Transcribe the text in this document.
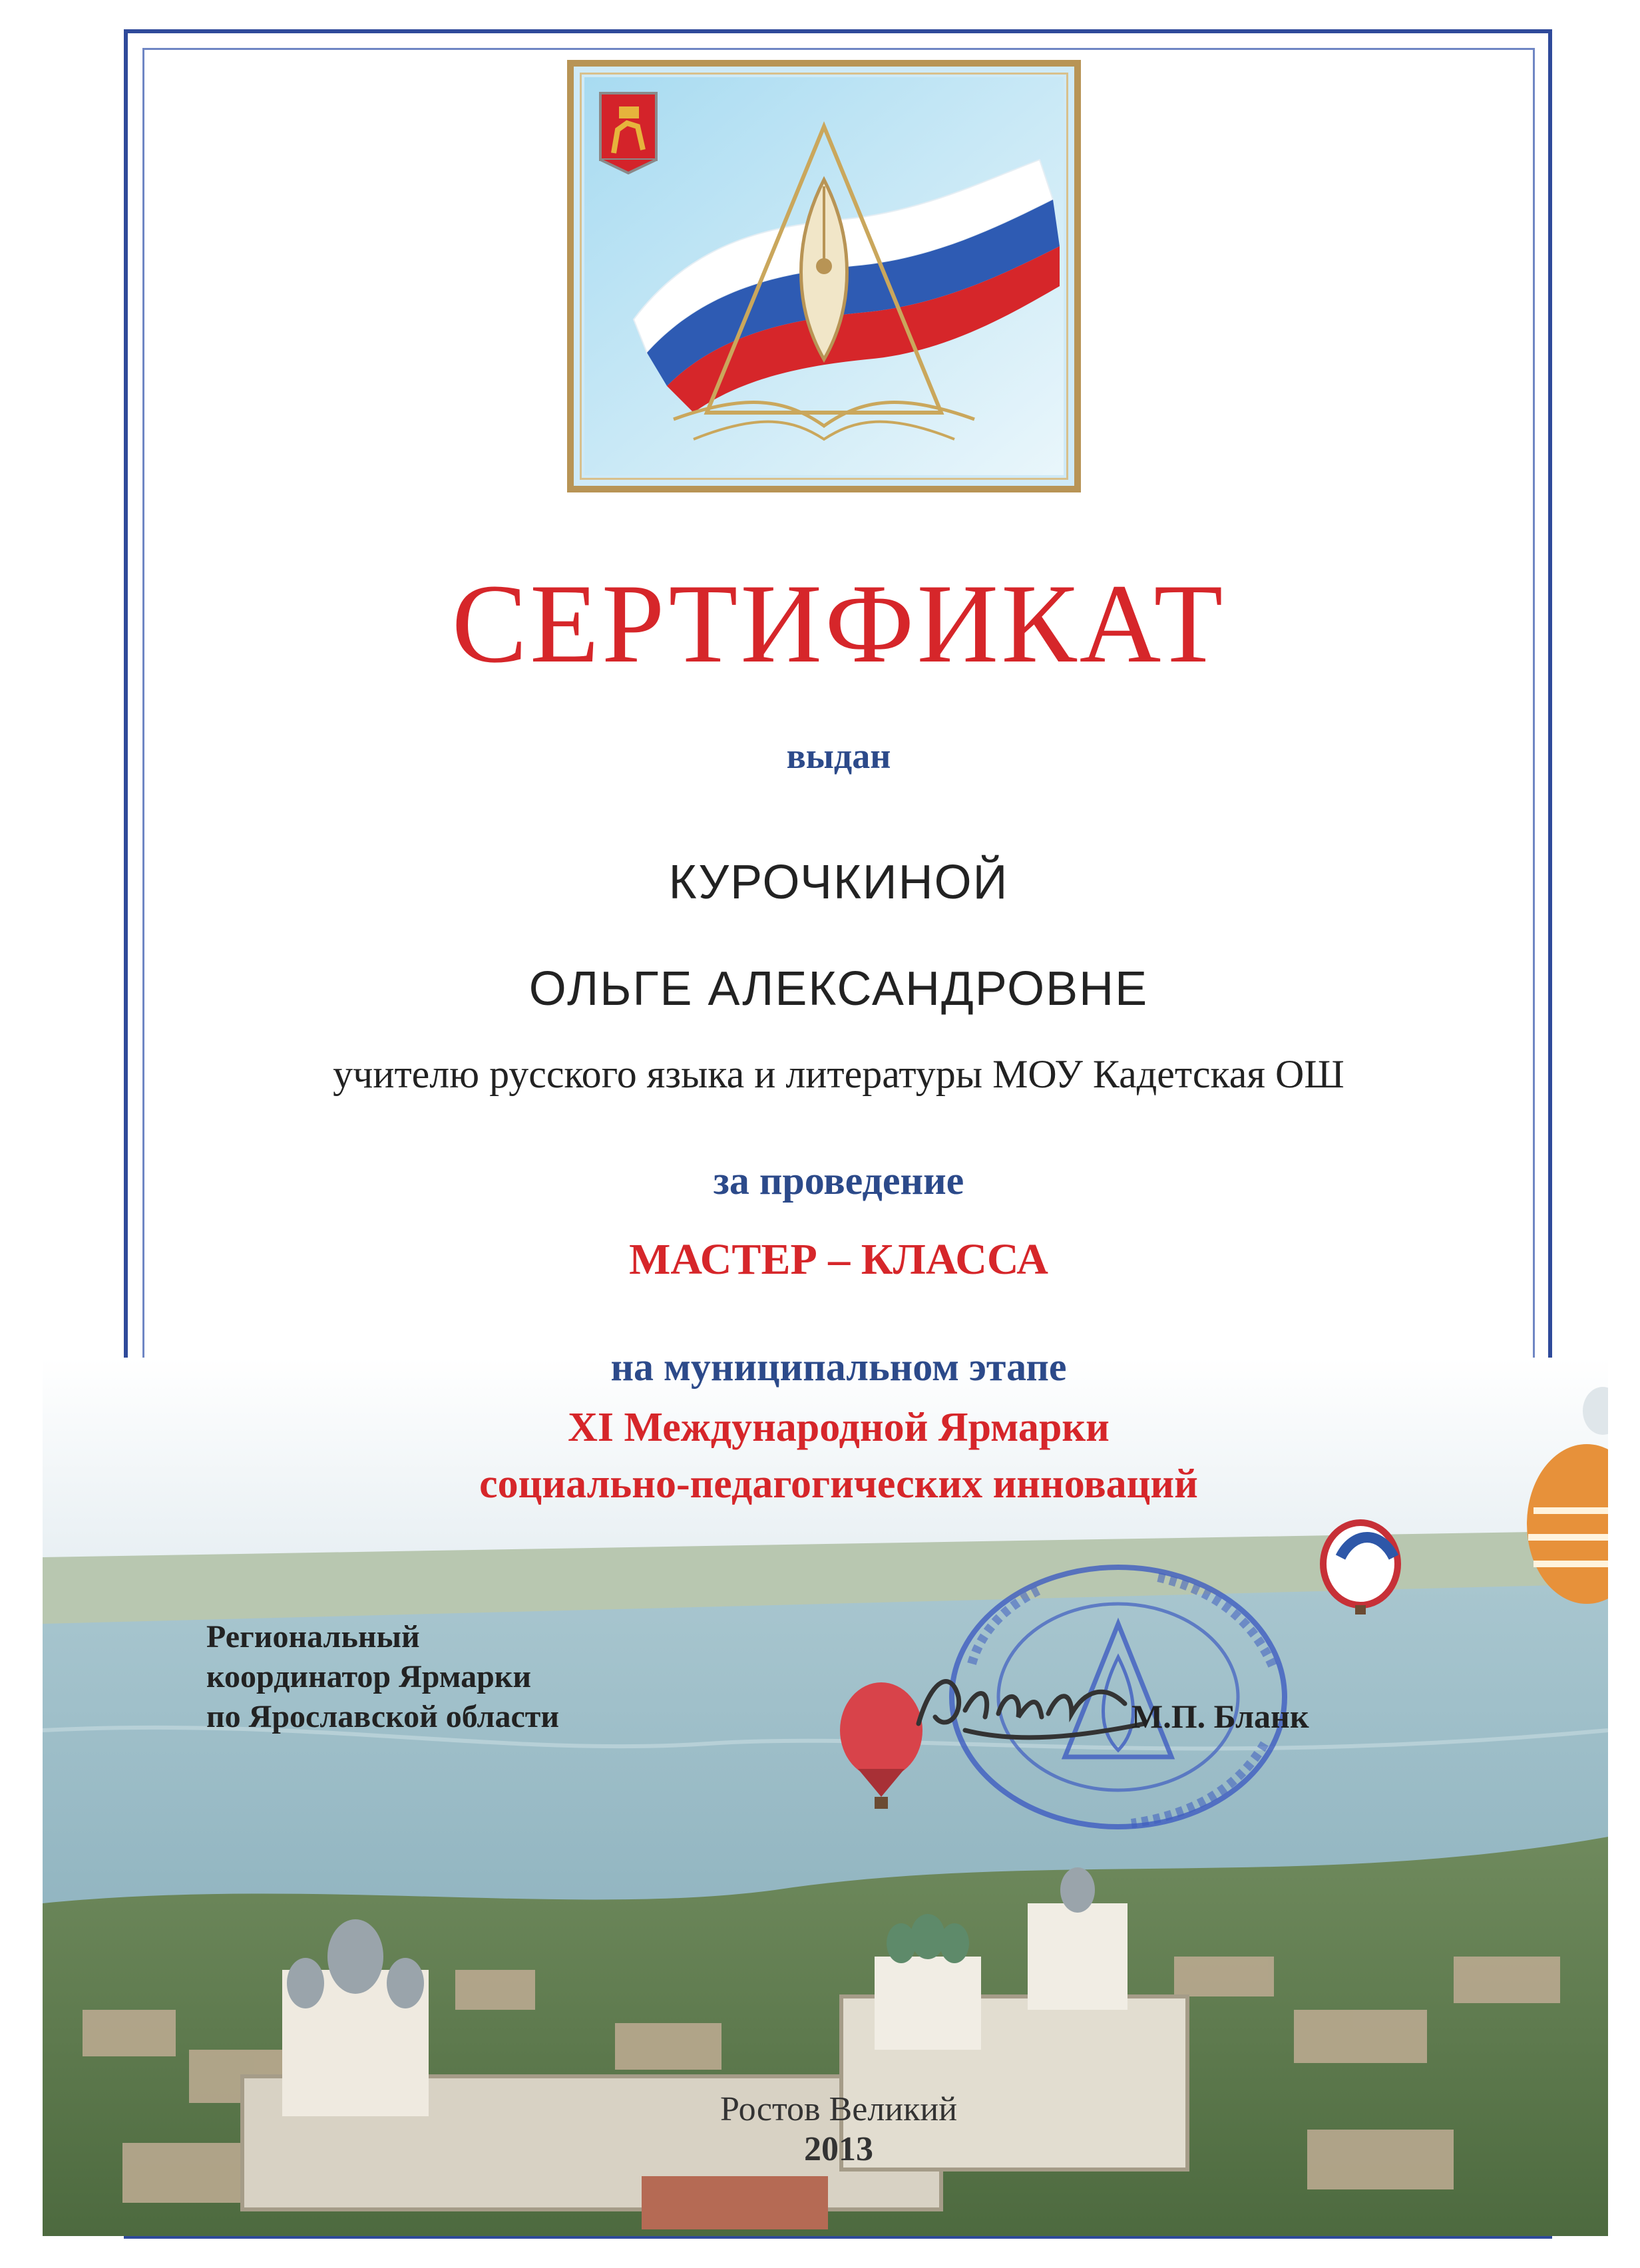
СЕРТИФИКАТ

выдан

КУРОЧКИНОЙ

ОЛЬГЕ АЛЕКСАНДРОВНЕ

учителю русского языка и литературы МОУ Кадетская ОШ

за проведение

МАСТЕР – КЛАССА

на муниципальном этапе

XI Международной Ярмарки

социально-педагогических инноваций

Региональный
координатор Ярмарки
по Ярославской области	М.П. Бланк

Ростов Великий

2013
